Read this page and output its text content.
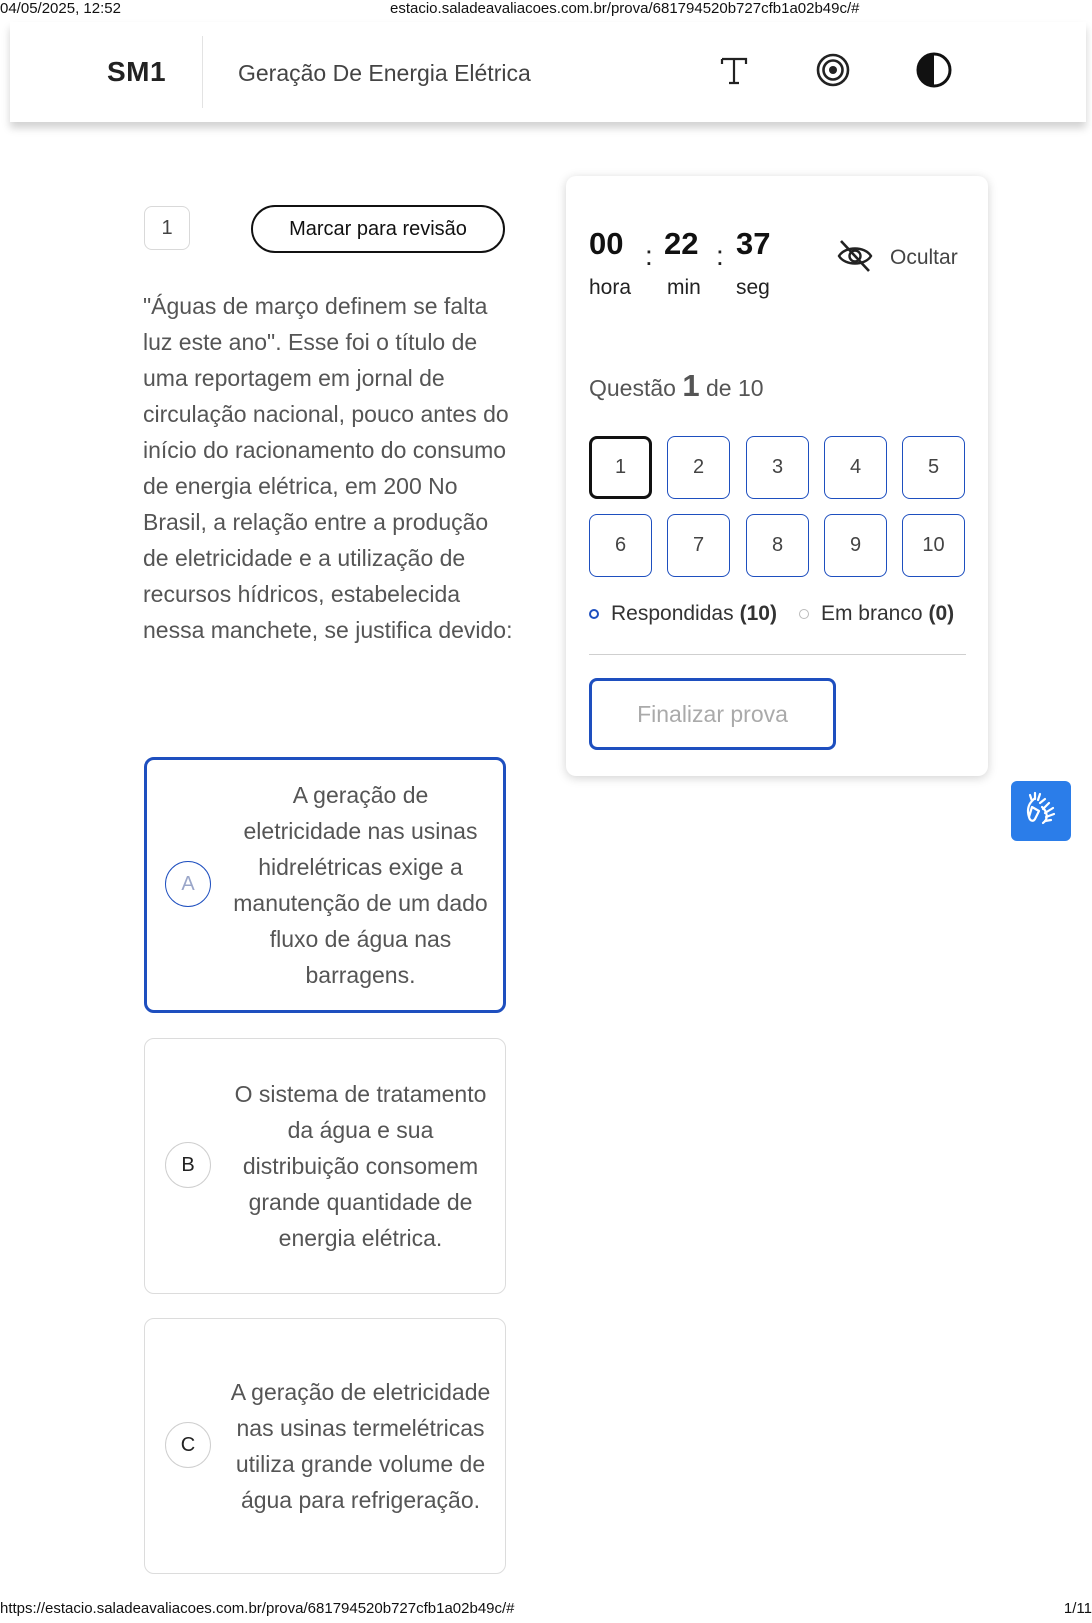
04/05/2025, 12:52	estacio.saladeavaliacoes.com.br/prova/681794520b727cfb1a02b49c/#
SM1	Geração De Energia Elétrica
1	Marcar para revisão

"Águas de março definem se falta luz este ano". Esse foi o título de uma reportagem em jornal de circulação nacional, pouco antes do início do racionamento do consumo de energia elétrica, em 200 No Brasil, a relação entre a produção de eletricidade e a utilização de recursos hídricos, estabelecida nessa manchete, se justifica devido:

A
A geração de eletricidade nas usinas hidrelétricas exige a manutenção de um dado fluxo de água nas barragens.
B
O sistema de tratamento da água e sua distribuição consomem grande quantidade de energia elétrica.
C
A geração de eletricidade nas usinas termelétricas utiliza grande volume de água para refrigeração.
00
hora
: 22
min
: 37
seg
Ocultar
Questão 1 de 10
1	2	3	4	5
6	7	8	9	10
Respondidas (10) Em branco (0)
Finalizar prova
https://estacio.saladeavaliacoes.com.br/prova/681794520b727cfb1a02b49c/#	1/11
